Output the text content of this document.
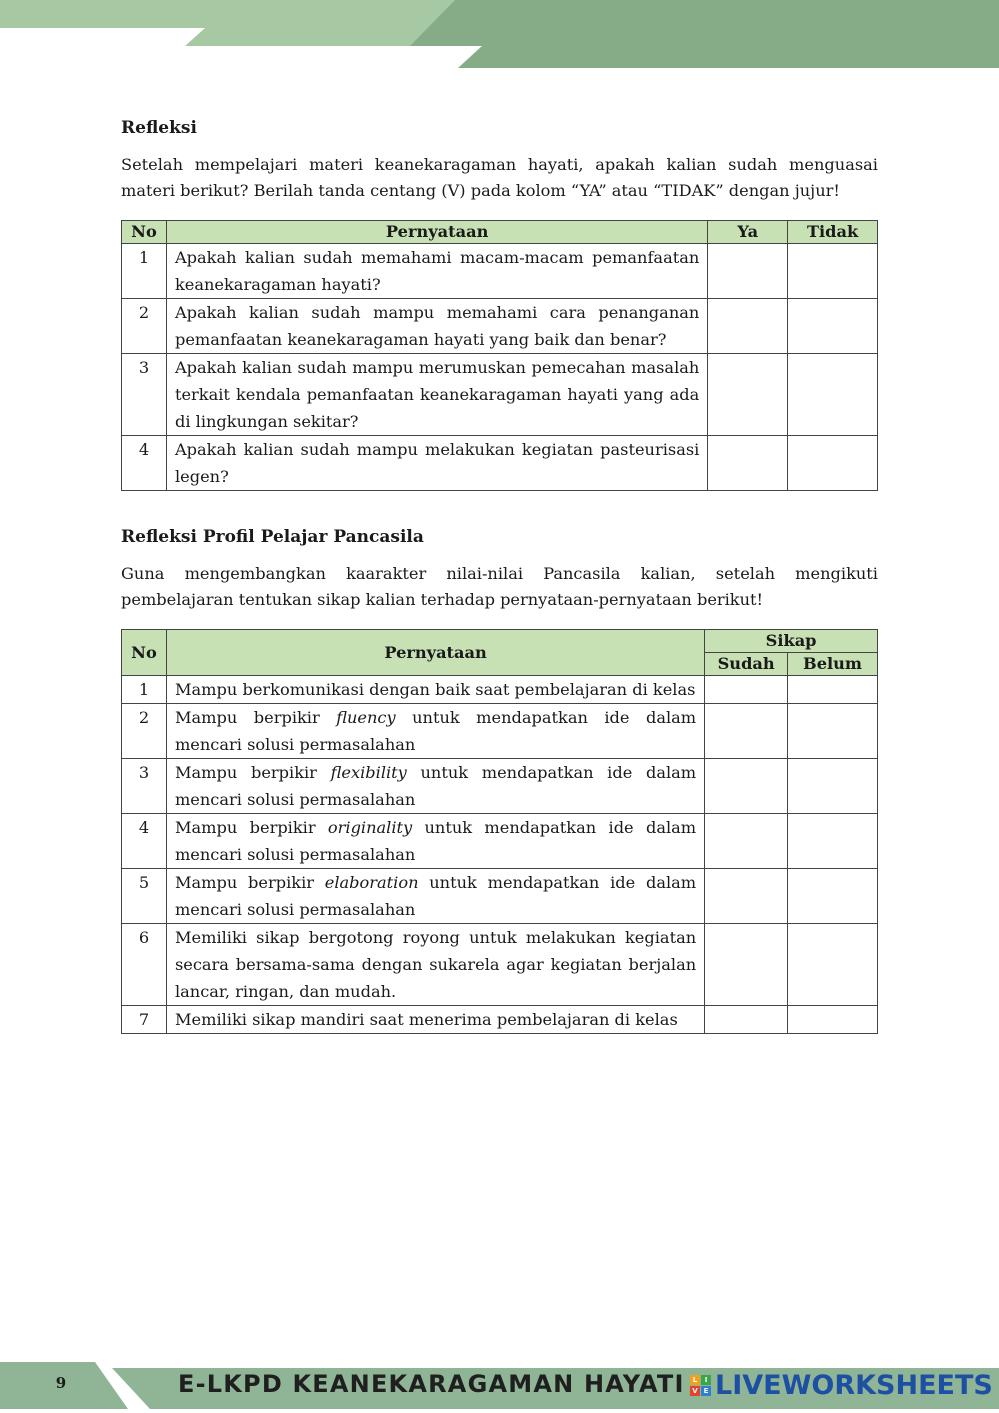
Refleksi

Setelah mempelajari materi keanekaragaman hayati, apakah kalian sudah menguasai materi berikut? Berilah tanda centang (V) pada kolom “YA” atau “TIDAK” dengan jujur!

No	Pernyataan	Ya	Tidak
1	Apakah kalian sudah memahami macam-macam pemanfaatan keanekaragaman hayati?		
2	Apakah kalian sudah mampu memahami cara penanganan pemanfaatan keanekaragaman hayati yang baik dan benar?		
3	Apakah kalian sudah mampu merumuskan pemecahan masalah terkait kendala pemanfaatan keanekaragaman hayati yang ada di lingkungan sekitar?		
4	Apakah kalian sudah mampu melakukan kegiatan pasteurisasi legen?		
Refleksi Profil Pelajar Pancasila

Guna mengembangkan kaarakter nilai-nilai Pancasila kalian, setelah mengikuti pembelajaran tentukan sikap kalian terhadap pernyataan-pernyataan berikut!

No	Pernyataan	Sikap	
		Sudah	Belum
1	Mampu berkomunikasi dengan baik saat pembelajaran di kelas		
2	Mampu berpikir fluency untuk mendapatkan ide dalam mencari solusi permasalahan		
3	Mampu berpikir flexibility untuk mendapatkan ide dalam mencari solusi permasalahan		
4	Mampu berpikir originality untuk mendapatkan ide dalam mencari solusi permasalahan		
5	Mampu berpikir elaboration untuk mendapatkan ide dalam mencari solusi permasalahan		
6	Memiliki sikap bergotong royong untuk melakukan kegiatan secara bersama-sama dengan sukarela agar kegiatan berjalan lancar, ringan, dan mudah.		
7	Memiliki sikap mandiri saat menerima pembelajaran di kelas		
9	E-LKPD KEANEKARAGAMAN HAYATI	L	I
V E LIVEWORKSHEETS
